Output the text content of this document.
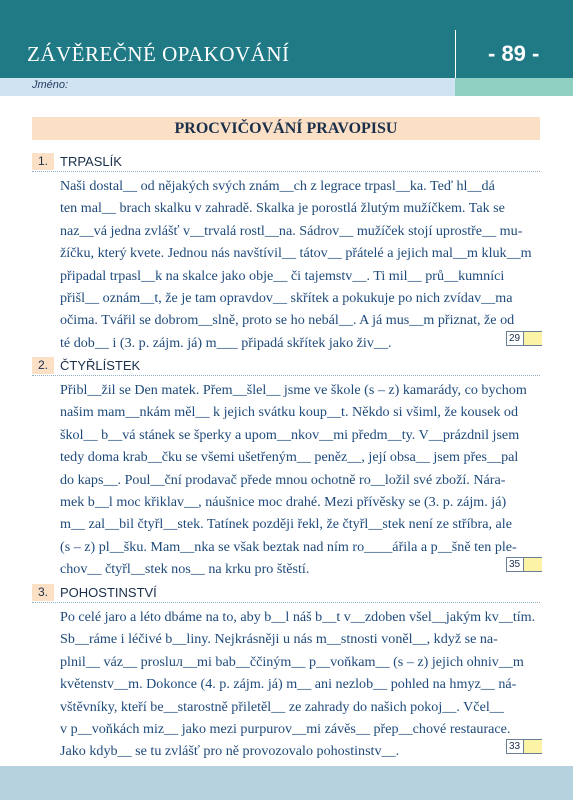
ZÁVĚREČNÉ OPAKOVÁNÍ	- 89 -
Jméno:
PROCVIČOVÁNÍ PRAVOPISU
1. TRPASLÍK
Naši dostal__ od nějakých svých znám__ch z legrace trpasl__ka. Teď hl__dá
ten mal__ brach skalku v zahradě. Skalka je porostlá žlutým mužíčkem. Tak se
naz__vá jedna zvlášť v__trvalá rostl__na. Sádrov__ mužíček stojí uprostře__ mu-
žíčku, který kvete. Jednou nás navštívil__ tátov__ přátelé a jejich mal__m kluk__m
připadal trpasl__k na skalce jako obje__ či tajemstv__. Ti mil__ prů__kumníci
přišl__ oznám__t, že je tam opravdov__ skřítek a pokukuje po nich zvídav__ma
očima. Tvářil se dobrom__slně, proto se ho nebál__. A já mus__m přiznat, že od
té dob__ i (3. p. zájm. já) m___ připadá skřítek jako živ__.	29
2. ČTYŘLÍSTEK
Přibl__žil se Den matek. Přem__šlel__ jsme ve škole (s – z) kamarády, co bychom
našim mam__nkám měl__ k jejich svátku koup__t. Někdo si všiml, že kousek od
škol__ b__vá stánek se šperky a upom__nkov__mi předm__ty. V__prázdnil jsem
tedy doma krab__čku se všemi ušetřeným__ peněz__, její obsa__ jsem přes__pal
do kaps__. Poul__ční prodavač přede mnou ochotně ro__ložil své zboží. Nára-
mek b__l moc křiklav__, náušnice moc drahé. Mezi přívěsky se (3. p. zájm. já)
m__ zal__bil čtyřl__stek. Tatínek později řekl, že čtyřl__stek není ze stříbra, ale
(s – z) pl__šku. Mam__nka se však beztak nad ním ro____ářila a p__šně ten ple-
chov__ čtyřl__stek nos__ na krku pro štěstí.	35
3. POHOSTINSTVÍ
Po celé jaro a léto dbáme na to, aby b__l náš b__t v__zdoben všel__jakým kv__tím.
Sb__ráme i léčivé b__liny. Nejkrásněji u nás m__stnosti voněl__, když se na-
plnil__ váz__ prosluл__mi bab__ččiným__ p__voňkam__ (s – z) jejich ohniv__m
květenstv__m. Dokonce (4. p. zájm. já) m__ ani nezlob__ pohled na hmyz__ ná-
vštěvníky, kteří be__starostně přiletěl__ ze zahrady do našich pokoj__. Včel__
v p__voňkách miz__ jako mezi purpurov__mi závěs__ přep__chové restaurace.
Jako kdyb__ se tu zvlášť pro ně provozovalo pohostinstv__.	33
